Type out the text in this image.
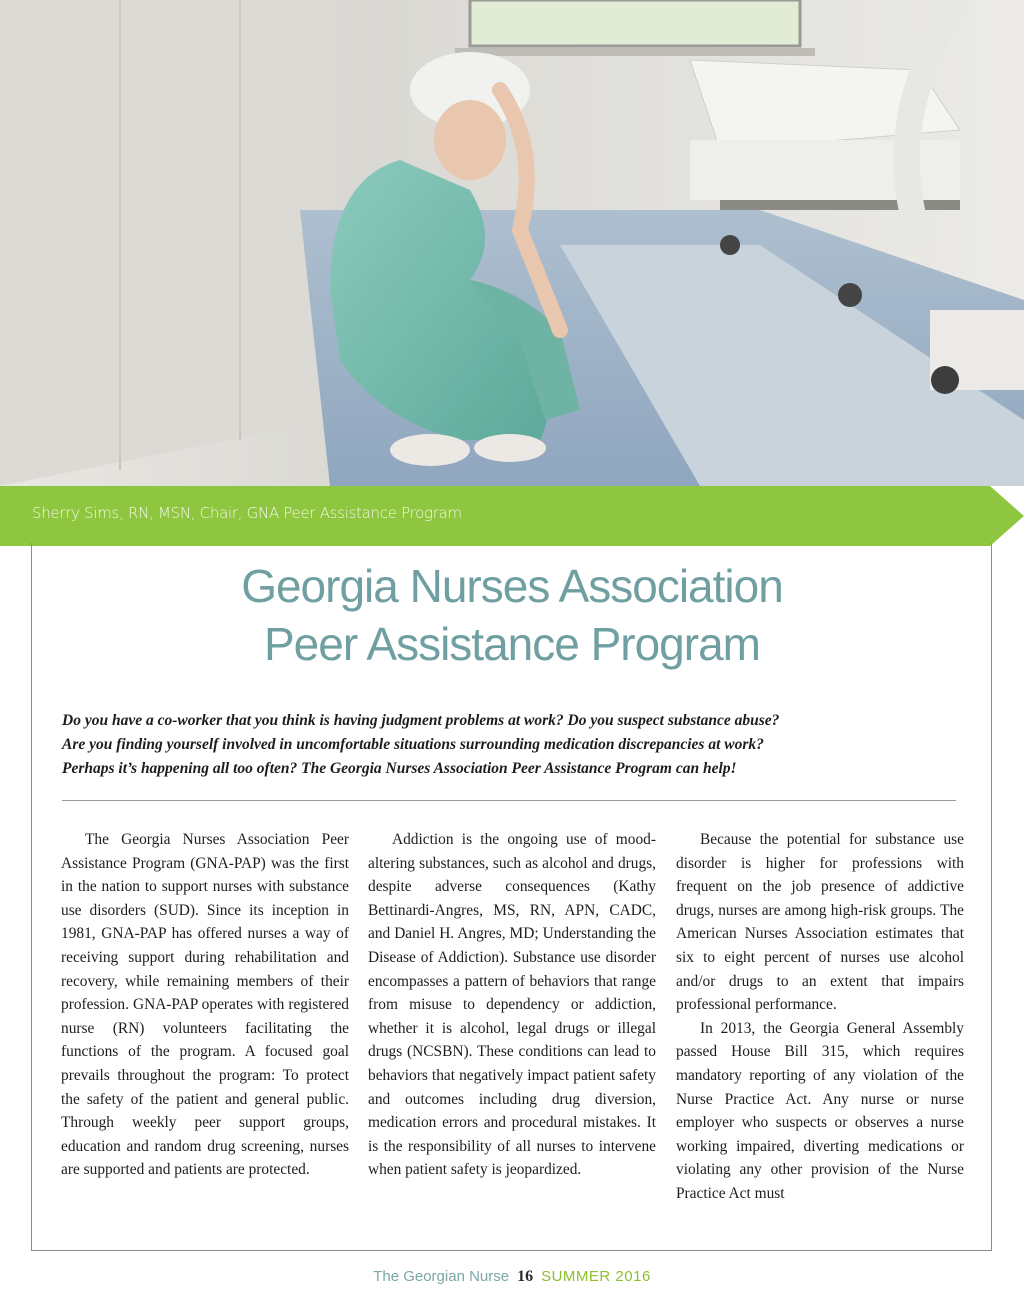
Sherry Sims, RN, MSN, Chair, GNA Peer Assistance Program
Georgia Nurses Association
Peer Assistance Program
Do you have a co-worker that you think is having judgment problems at work? Do you suspect substance abuse?
Are you finding yourself involved in uncomfortable situations surrounding medication discrepancies at work?
Perhaps it’s happening all too often? The Georgia Nurses Association Peer Assistance Program can help!

The Georgia Nurses Association Peer Assistance Program (GNA-PAP) was the first in the nation to support nurses with substance use disorders (SUD). Since its inception in 1981, GNA-PAP has offered nurses a way of receiving support during rehabilitation and recovery, while remaining members of their profession. GNA-PAP operates with registered nurse (RN) volunteers facilitating the functions of the program. A focused goal prevails throughout the program: To protect the safety of the patient and general public. Through weekly peer support groups, education and random drug screening, nurses are supported and patients are protected.

Addiction is the ongoing use of mood-altering substances, such as alcohol and drugs, despite adverse consequences (Kathy Bettinardi-Angres, MS, RN, APN, CADC, and Daniel H. Angres, MD; Understanding the Disease of Addiction). Substance use disorder encompasses a pattern of behaviors that range from misuse to dependency or addiction, whether it is alcohol, legal drugs or illegal drugs (NCSBN). These conditions can lead to behaviors that negatively impact patient safety and outcomes including drug diversion, medication errors and procedural mistakes. It is the responsibility of all nurses to intervene when patient safety is jeopardized.

Because the potential for substance use disorder is higher for professions with frequent on the job presence of addictive drugs, nurses are among high-risk groups. The American Nurses Association estimates that six to eight percent of nurses use alcohol and/or drugs to an extent that impairs professional performance.

In 2013, the Georgia General Assembly passed House Bill 315, which requires mandatory reporting of any violation of the Nurse Practice Act. Any nurse or nurse employer who suspects or observes a nurse working impaired, diverting medications or violating any other provision of the Nurse Practice Act must

The Georgian Nurse 16 SUMMER 2016
